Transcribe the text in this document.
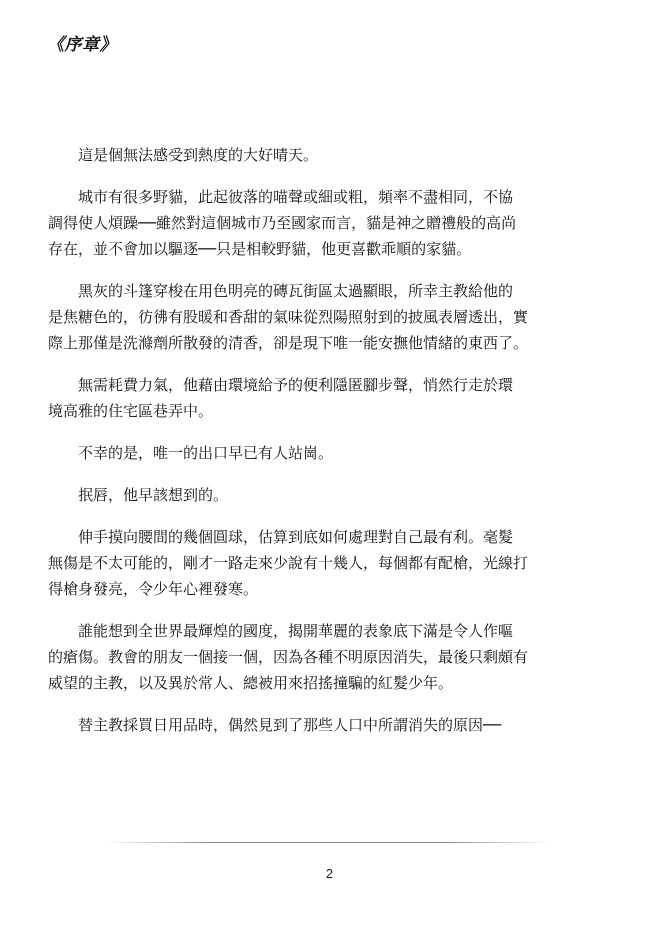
《序章》

這是個無法感受到熱度的大好晴天。

城市有很多野貓，此起彼落的喵聲或細或粗，頻率不盡相同，不協
調得使人煩躁──雖然對這個城市乃至國家而言，貓是神之贈禮般的高尚
存在，並不會加以驅逐──只是相較野貓，他更喜歡乖順的家貓。

黑灰的斗篷穿梭在用色明亮的磚瓦街區太過顯眼，所幸主教給他的
是焦糖色的，彷彿有股暖和香甜的氣味從烈陽照射到的披風表層透出，實
際上那僅是洗滌劑所散發的清香，卻是現下唯一能安撫他情緒的東西了。

無需耗費力氣，他藉由環境給予的便利隱匿腳步聲，悄然行走於環
境高雅的住宅區巷弄中。

不幸的是，唯一的出口早已有人站崗。

抿唇，他早該想到的。

伸手摸向腰間的幾個圓球，估算到底如何處理對自己最有利。毫髮
無傷是不太可能的，剛才一路走來少說有十幾人，每個都有配槍，光線打
得槍身發亮，令少年心裡發寒。

誰能想到全世界最輝煌的國度，揭開華麗的表象底下滿是令人作嘔
的瘡傷。教會的朋友一個接一個，因為各種不明原因消失，最後只剩頗有
威望的主教，以及異於常人、總被用來招搖撞騙的紅髮少年。

替主教採買日用品時，偶然見到了那些人口中所謂消失的原因──

2
